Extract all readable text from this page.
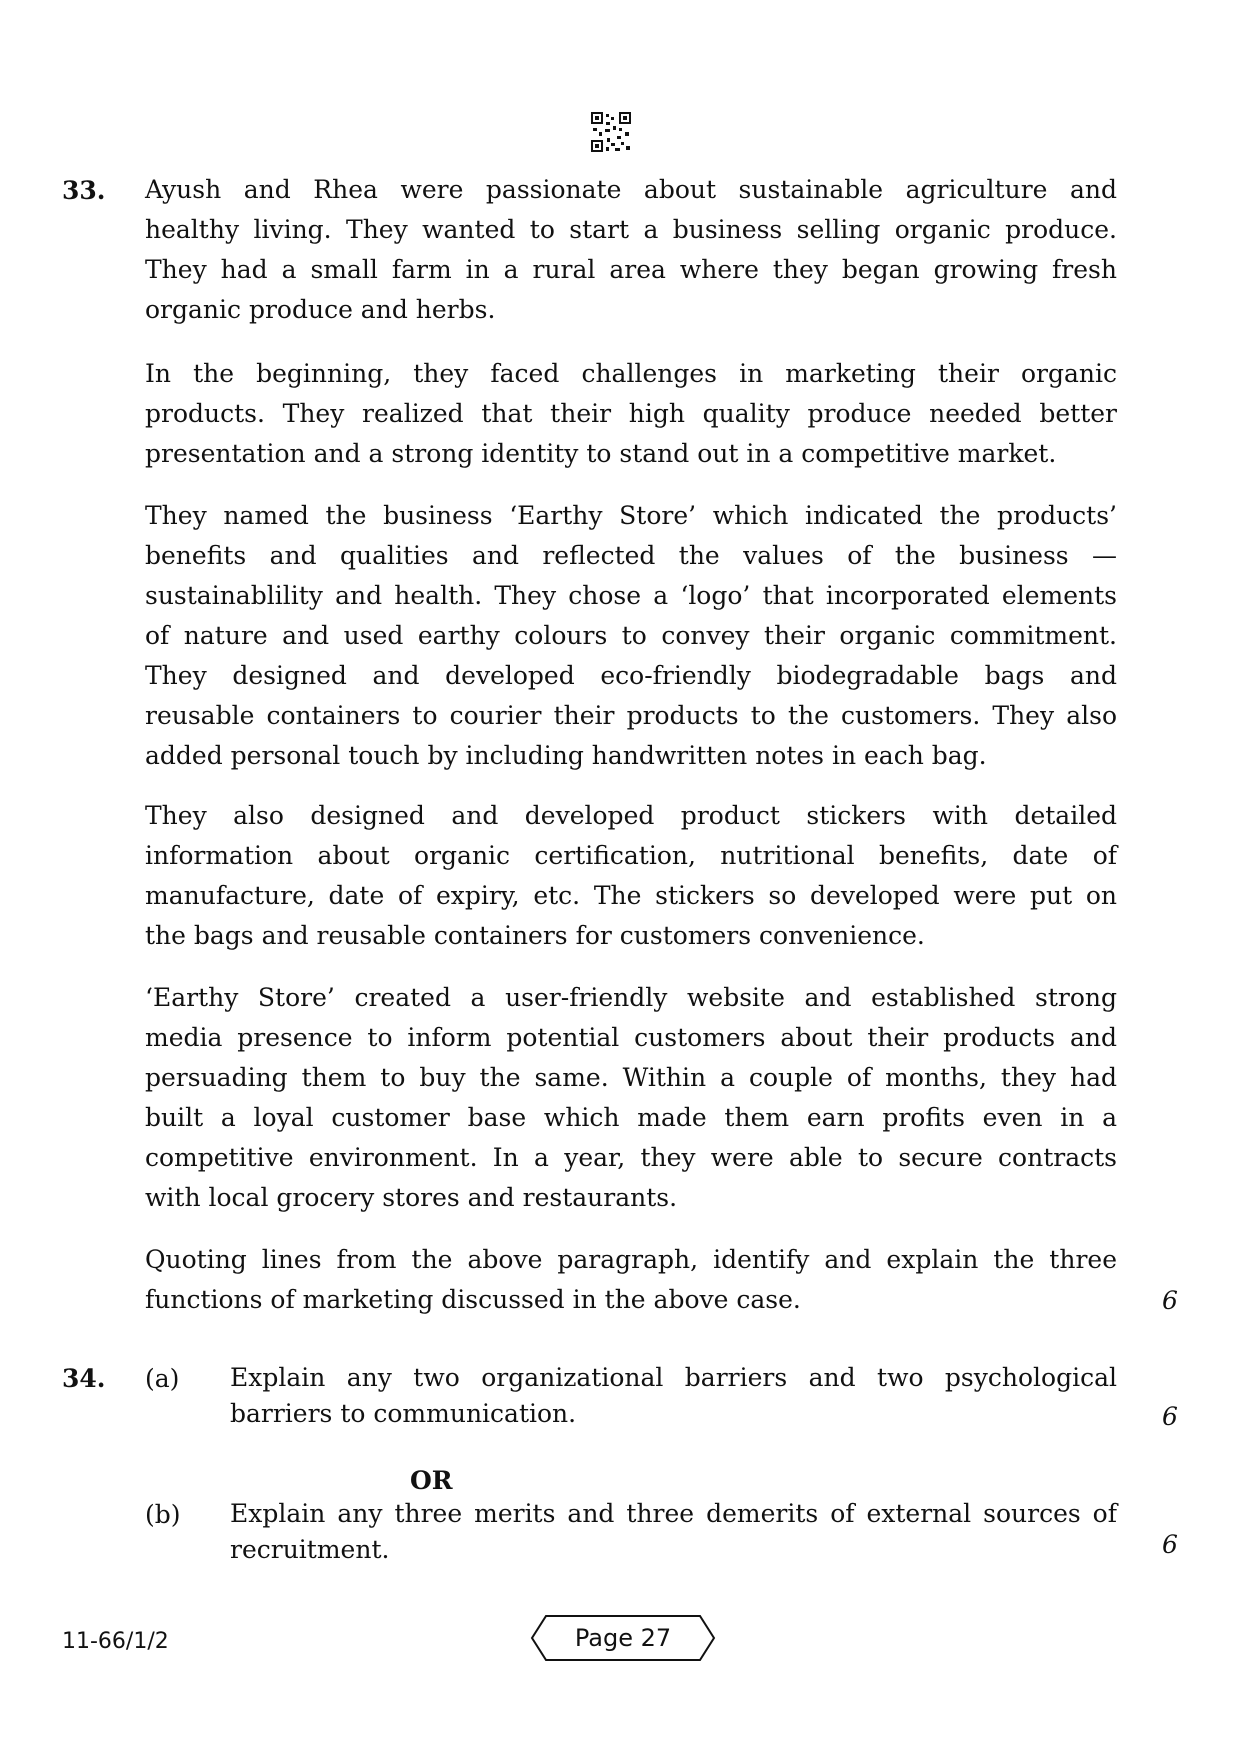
33. Ayush and Rhea were passionate about sustainable agriculture and
healthy living. They wanted to start a business selling organic produce.
They had a small farm in a rural area where they began growing fresh
organic produce and herbs.
In the beginning, they faced challenges in marketing their organic
products. They realized that their high quality produce needed better
presentation and a strong identity to stand out in a competitive market.
They named the business ‘Earthy Store’ which indicated the products’
benefits and qualities and reflected the values of the business —
sustainablility and health. They chose a ‘logo’ that incorporated elements
of nature and used earthy colours to convey their organic commitment.
They designed and developed eco-friendly biodegradable bags and
reusable containers to courier their products to the customers. They also
added personal touch by including handwritten notes in each bag.
They also designed and developed product stickers with detailed
information about organic certification, nutritional benefits, date of
manufacture, date of expiry, etc. The stickers so developed were put on
the bags and reusable containers for customers convenience.
‘Earthy Store’ created a user-friendly website and established strong
media presence to inform potential customers about their products and
persuading them to buy the same. Within a couple of months, they had
built a loyal customer base which made them earn profits even in a
competitive environment. In a year, they were able to secure contracts
with local grocery stores and restaurants.
Quoting lines from the above paragraph, identify and explain the three
functions of marketing discussed in the above case.	6
34. (a) Explain any two organizational barriers and two psychological
barriers to communication.	6
OR
(b) Explain any three merits and three demerits of external sources of
recruitment.	6
11-66/1/2	Page 27
